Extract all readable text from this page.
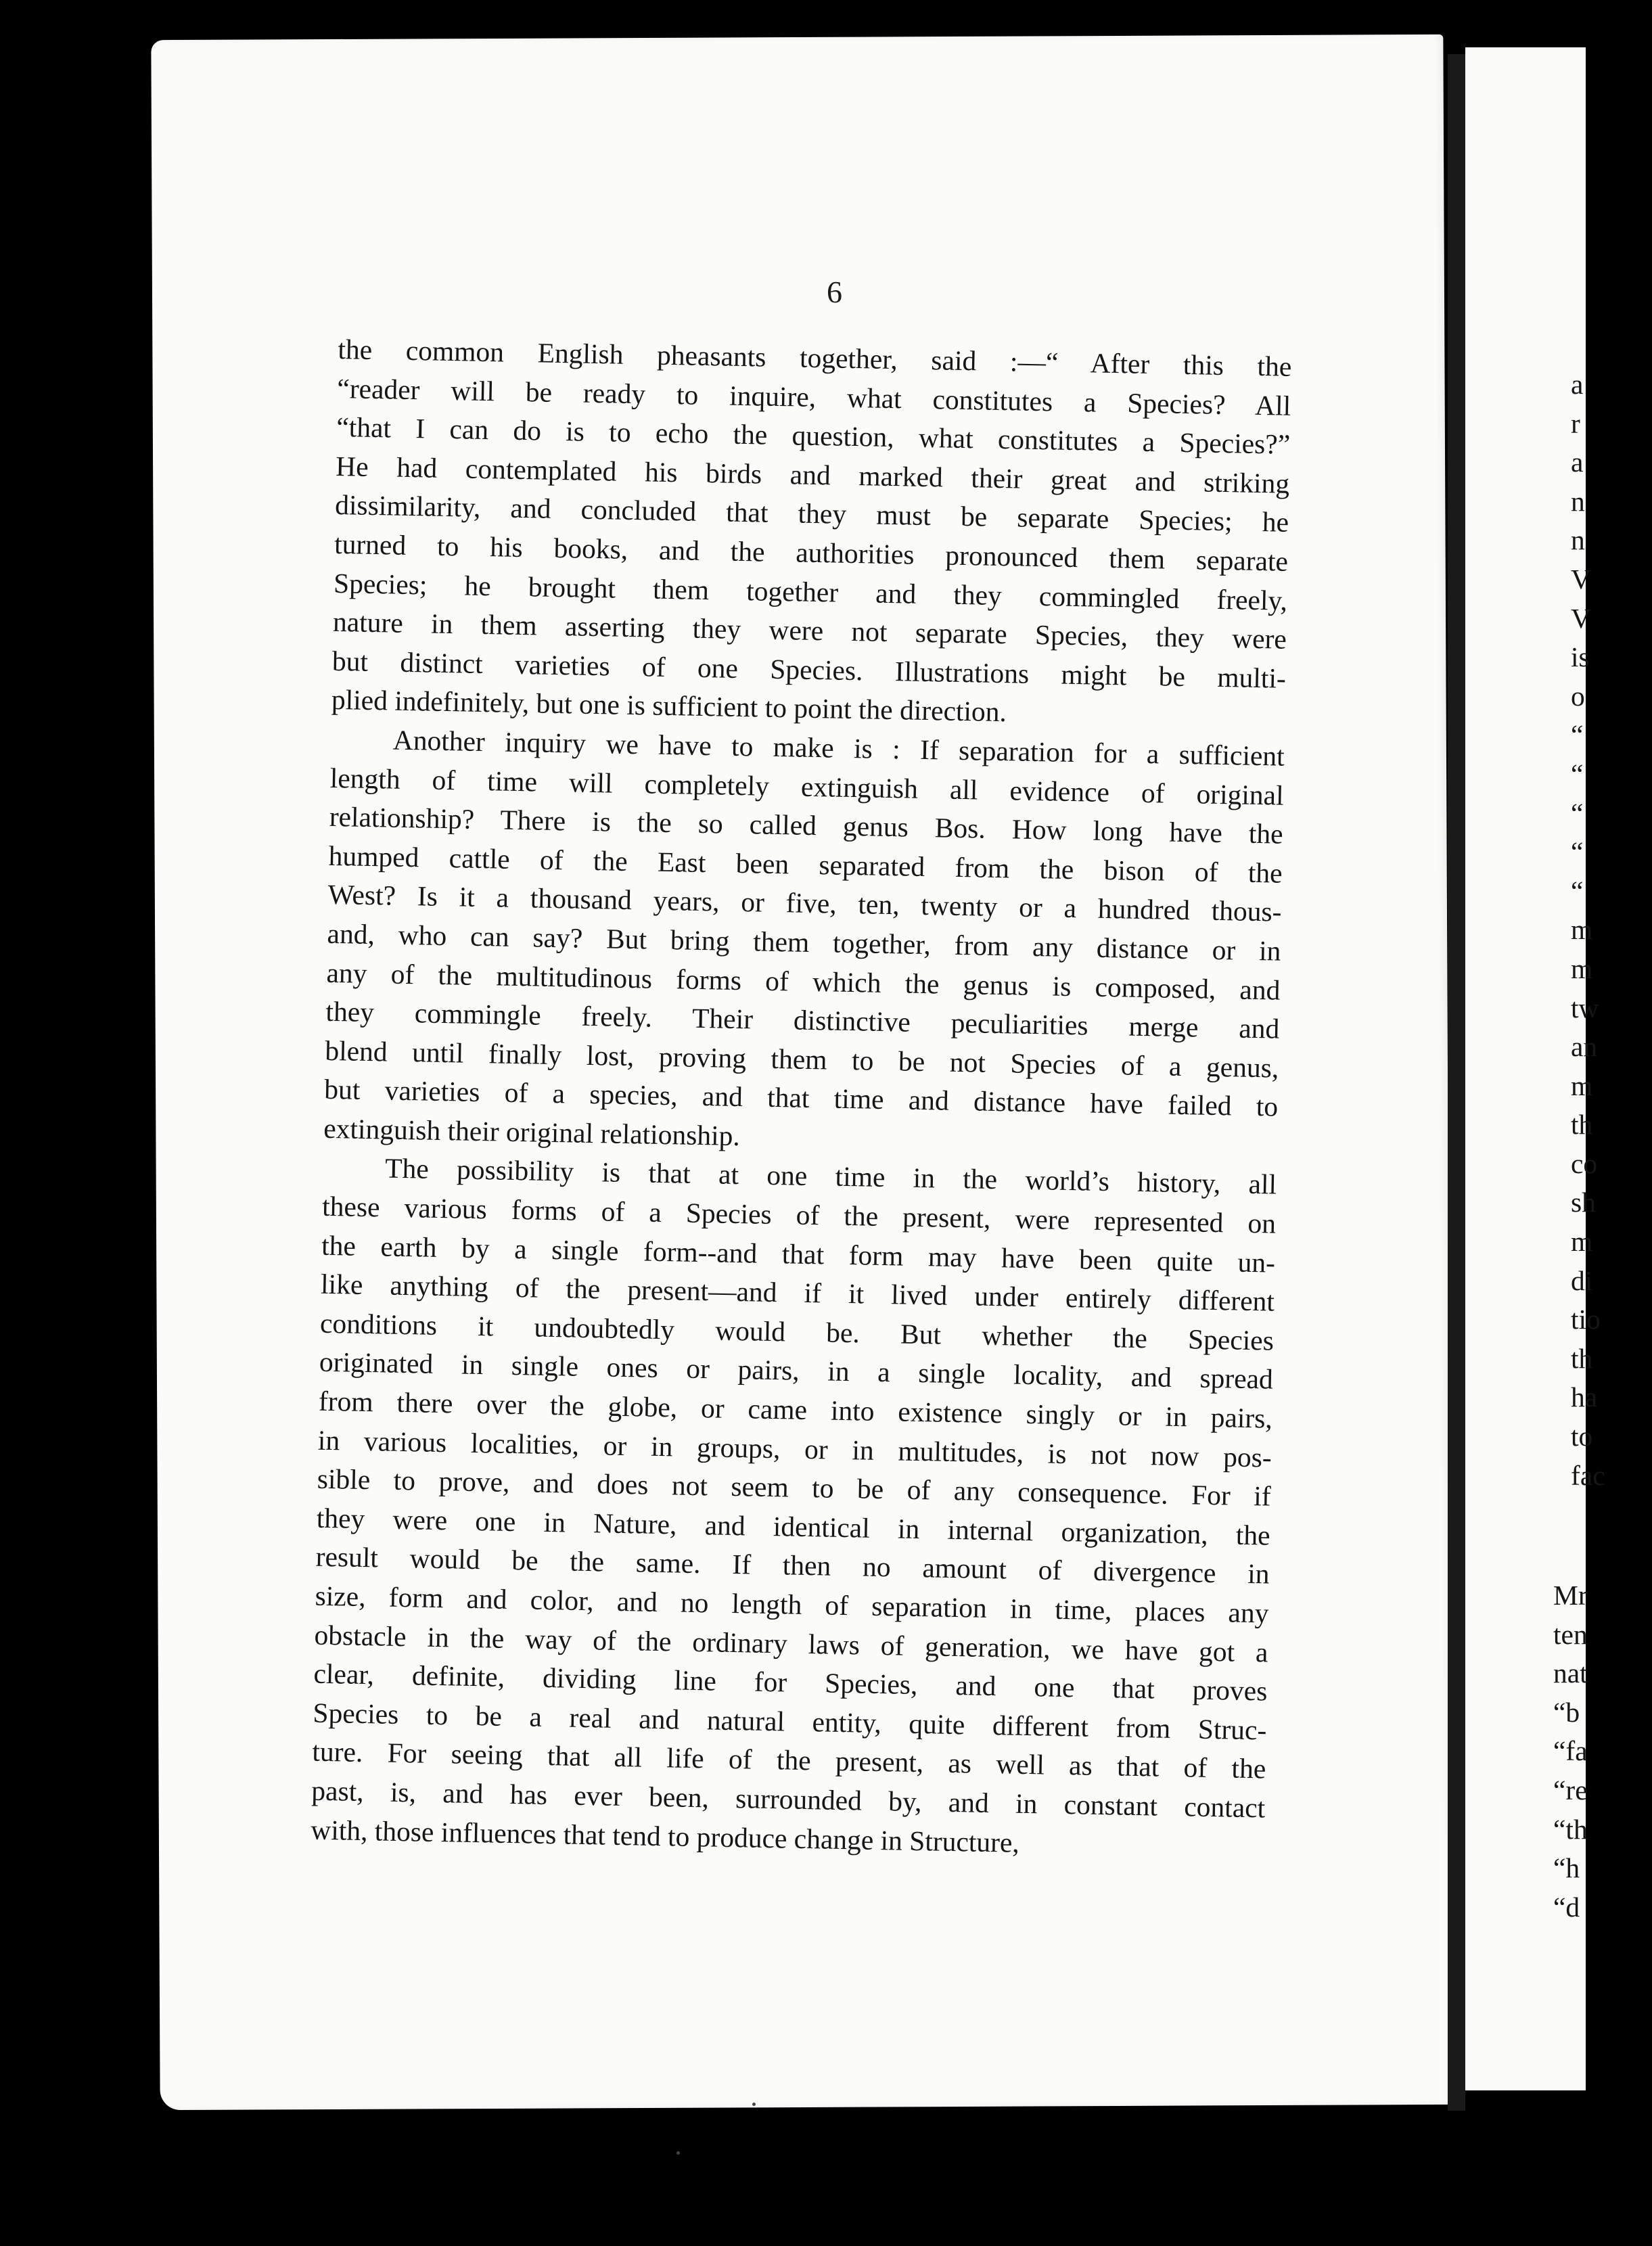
6
the common English pheasants together, said :—“ After this the
“reader will be ready to inquire, what constitutes a Species? All
“that I can do is to echo the question, what constitutes a Species?”
He had contemplated his birds and marked their great and striking
dissimilarity, and concluded that they must be separate Species; he
turned to his books, and the authorities pronounced them separate
Species; he brought them together and they commingled freely,
nature in them asserting they were not separate Species, they were
but distinct varieties of one Species. Illustrations might be multi-
plied indefinitely, but one is sufficient to point the direction.
Another inquiry we have to make is : If separation for a sufficient
length of time will completely extinguish all evidence of original
relationship? There is the so called genus Bos. How long have the
humped cattle of the East been separated from the bison of the
West? Is it a thousand years, or five, ten, twenty or a hundred thous-
and, who can say? But bring them together, from any distance or in
any of the multitudinous forms of which the genus is composed, and
they commingle freely. Their distinctive peculiarities merge and
blend until finally lost, proving them to be not Species of a genus,
but varieties of a species, and that time and distance have failed to
extinguish their original relationship.
The possibility is that at one time in the world’s history, all
these various forms of a Species of the present, were represented on
the earth by a single form--and that form may have been quite un-
like anything of the present—and if it lived under entirely different
conditions it undoubtedly would be. But whether the Species
originated in single ones or pairs, in a single locality, and spread
from there over the globe, or came into existence singly or in pairs,
in various localities, or in groups, or in multitudes, is not now pos-
sible to prove, and does not seem to be of any consequence. For if
they were one in Nature, and identical in internal organization, the
result would be the same. If then no amount of divergence in
size, form and color, and no length of separation in time, places any
obstacle in the way of the ordinary laws of generation, we have got a
clear, definite, dividing line for Species, and one that proves
Species to be a real and natural entity, quite different from Struc-
ture. For seeing that all life of the present, as well as that of the
past, is, and has ever been, surrounded by, and in constant contact
with, those influences that tend to produce change in Structure,
a
r
a
n
n
V
V
is
o
“
“
“
“
“
m
m
tw
an
m
th
co
sh
m
di
tio
th
ha
to
fac
Mr
ten
nat
“b
“fa
“re
“th
“h
“d
